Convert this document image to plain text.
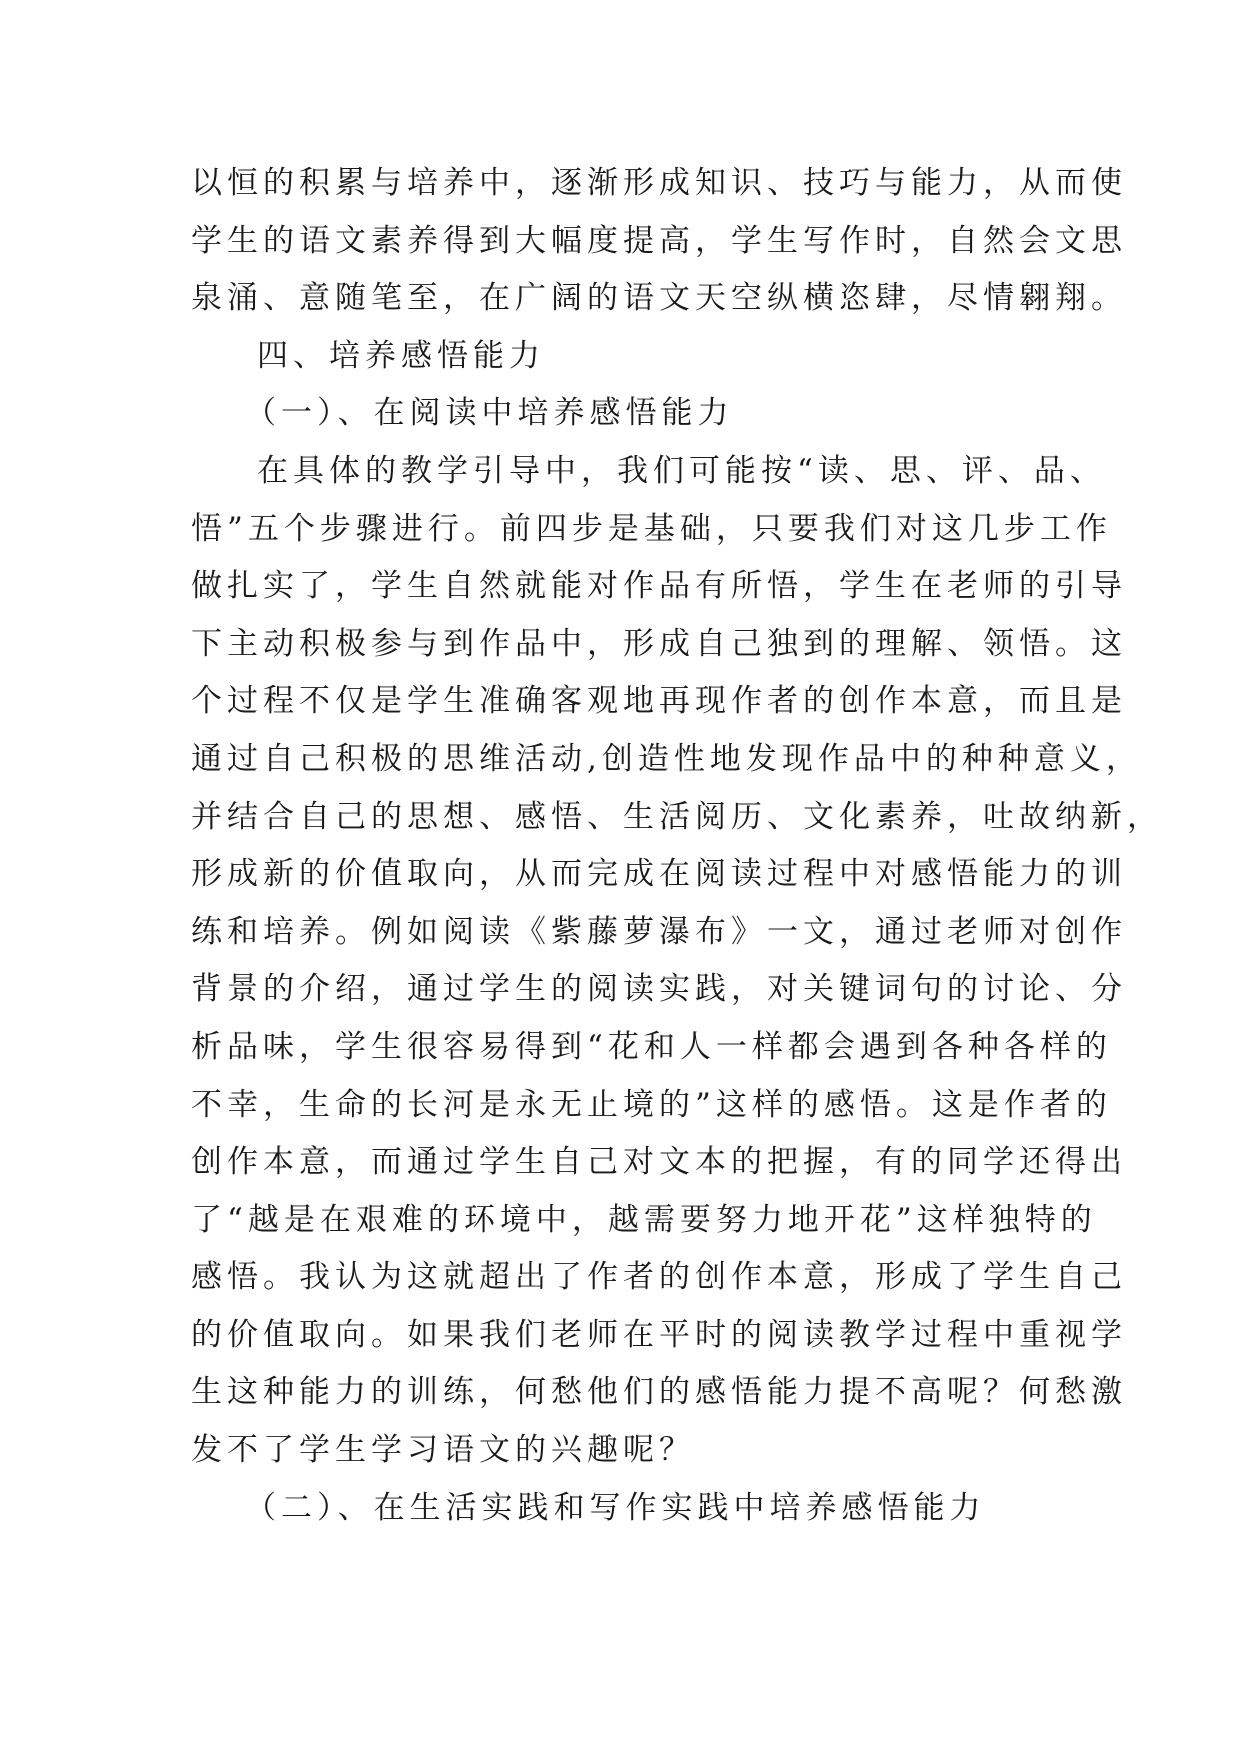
以恒的积累与培养中，逐渐形成知识、技巧与能力，从而使
学生的语文素养得到大幅度提高，学生写作时，自然会文思
泉涌、意随笔至，在广阔的语文天空纵横恣肆，尽情翱翔。
四、培养感悟能力
（一）、在阅读中培养感悟能力
在具体的教学引导中，我们可能按“读、思、评、品、
悟”五个步骤进行。前四步是基础，只要我们对这几步工作
做扎实了，学生自然就能对作品有所悟，学生在老师的引导
下主动积极参与到作品中，形成自己独到的理解、领悟。这
个过程不仅是学生准确客观地再现作者的创作本意，而且是
通过自己积极的思维活动,创造性地发现作品中的种种意义，
并结合自己的思想、感悟、生活阅历、文化素养，吐故纳新，
形成新的价值取向，从而完成在阅读过程中对感悟能力的训
练和培养。例如阅读《紫藤萝瀑布》一文，通过老师对创作
背景的介绍，通过学生的阅读实践，对关键词句的讨论、分
析品味，学生很容易得到“花和人一样都会遇到各种各样的
不幸，生命的长河是永无止境的”这样的感悟。这是作者的
创作本意，而通过学生自己对文本的把握，有的同学还得出
了“越是在艰难的环境中，越需要努力地开花”这样独特的
感悟。我认为这就超出了作者的创作本意，形成了学生自己
的价值取向。如果我们老师在平时的阅读教学过程中重视学
生这种能力的训练，何愁他们的感悟能力提不高呢？何愁激
发不了学生学习语文的兴趣呢？
（二）、在生活实践和写作实践中培养感悟能力
